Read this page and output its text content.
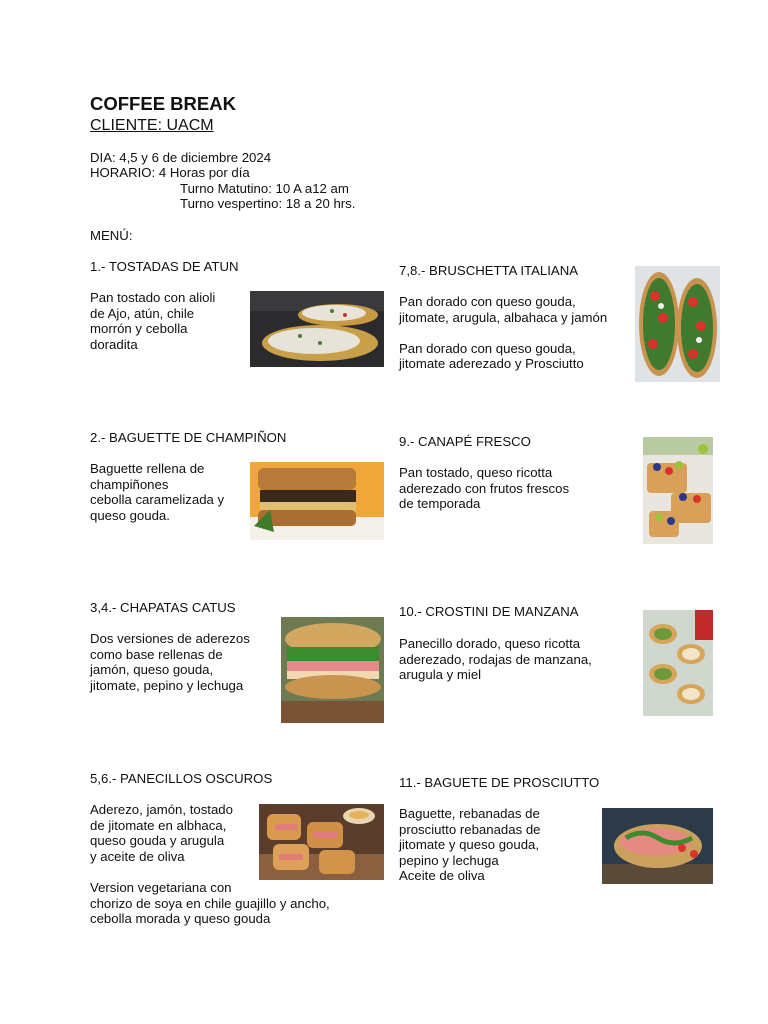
COFFEE BREAK
CLIENTE: UACM
DIA: 4,5 y 6 de diciembre 2024
HORARIO: 4 Horas por día
Turno Matutino: 10 A a12 am
Turno vespertino: 18 a 20 hrs.
MENÚ:
1.- TOSTADAS DE ATUN
Pan tostado con alioli
de Ajo, atún, chile
morrón y cebolla
doradita
2.- BAGUETTE DE CHAMPIÑON
Baguette rellena de
champiñones
cebolla caramelizada y
queso gouda.
3,4.- CHAPATAS CATUS
Dos versiones de aderezos
como base rellenas de
jamón, queso gouda,
jitomate, pepino y lechuga
5,6.- PANECILLOS OSCUROS
Aderezo, jamón, tostado
de jitomate en albhaca,
queso gouda y arugula
y aceite de oliva

Version vegetariana con
chorizo de soya en chile guajillo y ancho,
cebolla morada y queso gouda
7,8.- BRUSCHETTA ITALIANA
Pan dorado con queso gouda,
jitomate, arugula, albahaca y jamón

Pan dorado con queso gouda,
jitomate aderezado y Prosciutto
9.- CANAPÉ FRESCO
Pan tostado, queso ricotta
aderezado con frutos frescos
de temporada
10.- CROSTINI DE MANZANA
Panecillo dorado, queso ricotta
aderezado, rodajas de manzana,
arugula y miel
11.- BAGUETE DE PROSCIUTTO
Baguette, rebanadas de
prosciutto rebanadas de
jitomate y queso gouda,
pepino y lechuga
Aceite de oliva
